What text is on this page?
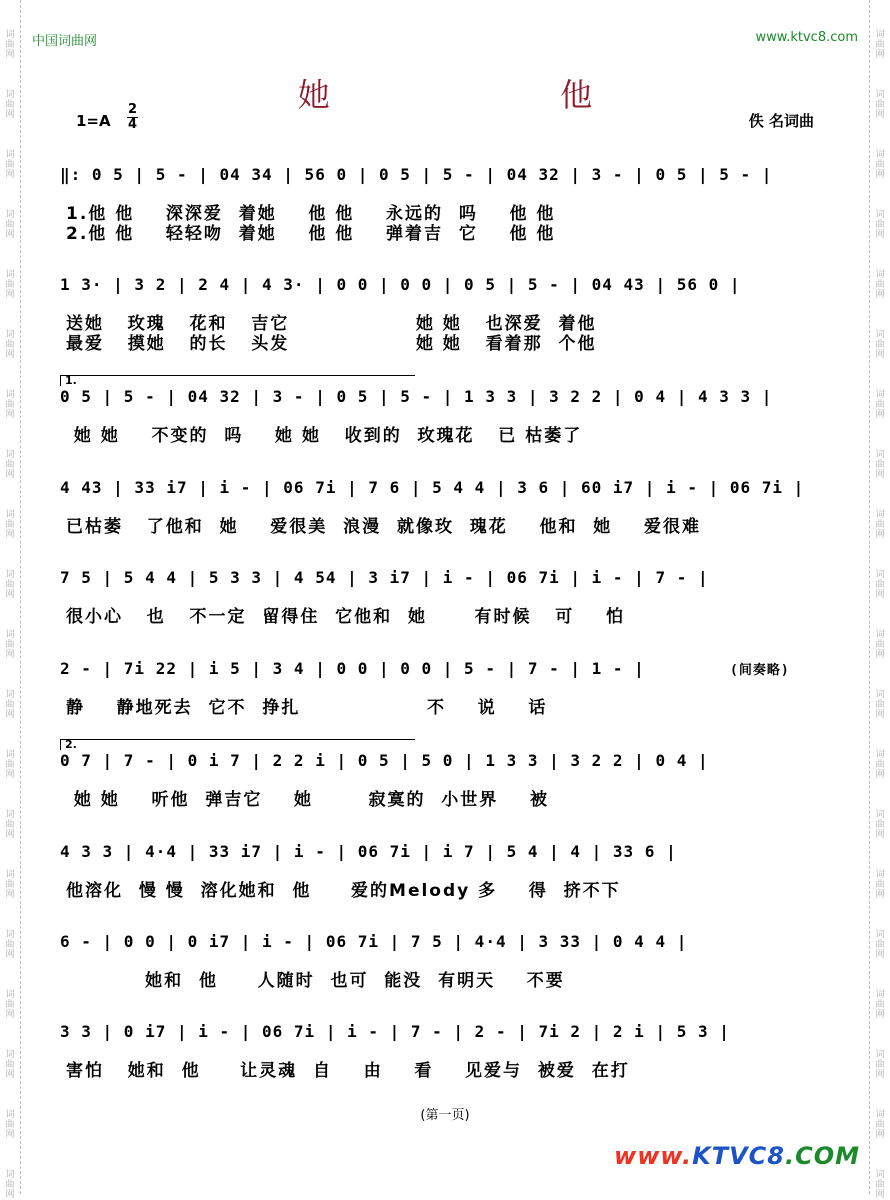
词
曲
网
词
曲
网
词
曲
网
词
曲
网
词
曲
网
词
曲
网
词
曲
网
词
曲
网
词
曲
网
词
曲
网
词
曲
网
词
曲
网
词
曲
网
词
曲
网
词
曲
网
词
曲
网
词
曲
网
词
曲
网
词
曲
网
词
曲
网
词
曲
网
词
曲
网
词
曲
网
词
曲
网
词
曲
网
词
曲
网
词
曲
网
词
曲
网
词
曲
网
词
曲
网
词
曲
网
词
曲
网
词
曲
网
词
曲
网
词
曲
网
词
曲
网
词
曲
网
词
曲
网
词
曲
网
词
曲
网
中国词曲网	www.ktvc8.com
她 他
1=A
2
4	佚 名词曲
‖: 0 5 | 5 - | 04 34 | 56 0 | 0 5 | 5 - | 04 32 | 3 - | 0 5 | 5 - |
1.他 他    深深爱  着她    他 他    永远的  吗    他 他
2.他 他    轻轻吻  着她    他 他    弹着吉  它    他 他
1 3· | 3 2 | 2 4 | 4 3· | 0 0 | 0 0 | 0 5 | 5 - | 04 43 | 56 0 |
送她   玫瑰   花和   吉它                她 她   也深爱  着他
最爱   摸她   的长   头发                她 她   看着那  个他
1.
0 5 | 5 - | 04 32 | 3 - | 0 5 | 5 - | 1 3 3 | 3 2 2 | 0 4 | 4 3 3 |
她 她    不变的  吗    她 她   收到的  玫瑰花   已 枯萎了
4 43 | 33 i7 | i - | 06 7i | 7 6 | 5 4 4 | 3 6 | 60 i7 | i - | 06 7i |
已枯萎   了他和  她    爱很美  浪漫  就像玫  瑰花    他和  她    爱很难
7 5 | 5 4 4 | 5 3 3 | 4 54 | 3 i7 | i - | 06 7i | i - | 7 - |
很小心   也   不一定  留得住  它他和  她      有时候   可    怕
2 - | 7i 22 | i 5 | 3 4 | 0 0 | 0 0 | 5 - | 7 - | 1 - |	(间奏略)
静    静地死去  它不  挣扎                不    说    话
2.
0 7 | 7 - | 0 i 7 | 2 2 i | 0 5 | 5 0 | 1 3 3 | 3 2 2 | 0 4 |
她 她    听他  弹吉它    她       寂寞的  小世界    被
4 3 3 | 4·4 | 33 i7 | i - | 06 7i | i 7 | 5 4 | 4 | 33 6 |
他溶化  慢 慢  溶化她和  他     爱的Melody 多    得  挤不下
6 - | 0 0 | 0 i7 | i - | 06 7i | 7 5 | 4·4 | 3 33 | 0 4 4 |
她和  他     人随时  也可  能没  有明天    不要
3 3 | 0 i7 | i - | 06 7i | i - | 7 - | 2 - | 7i 2 | 2 i | 5 3 |
害怕   她和  他     让灵魂  自    由    看    见爱与  被爱  在打
(第一页)
www.KTVC8.COM
